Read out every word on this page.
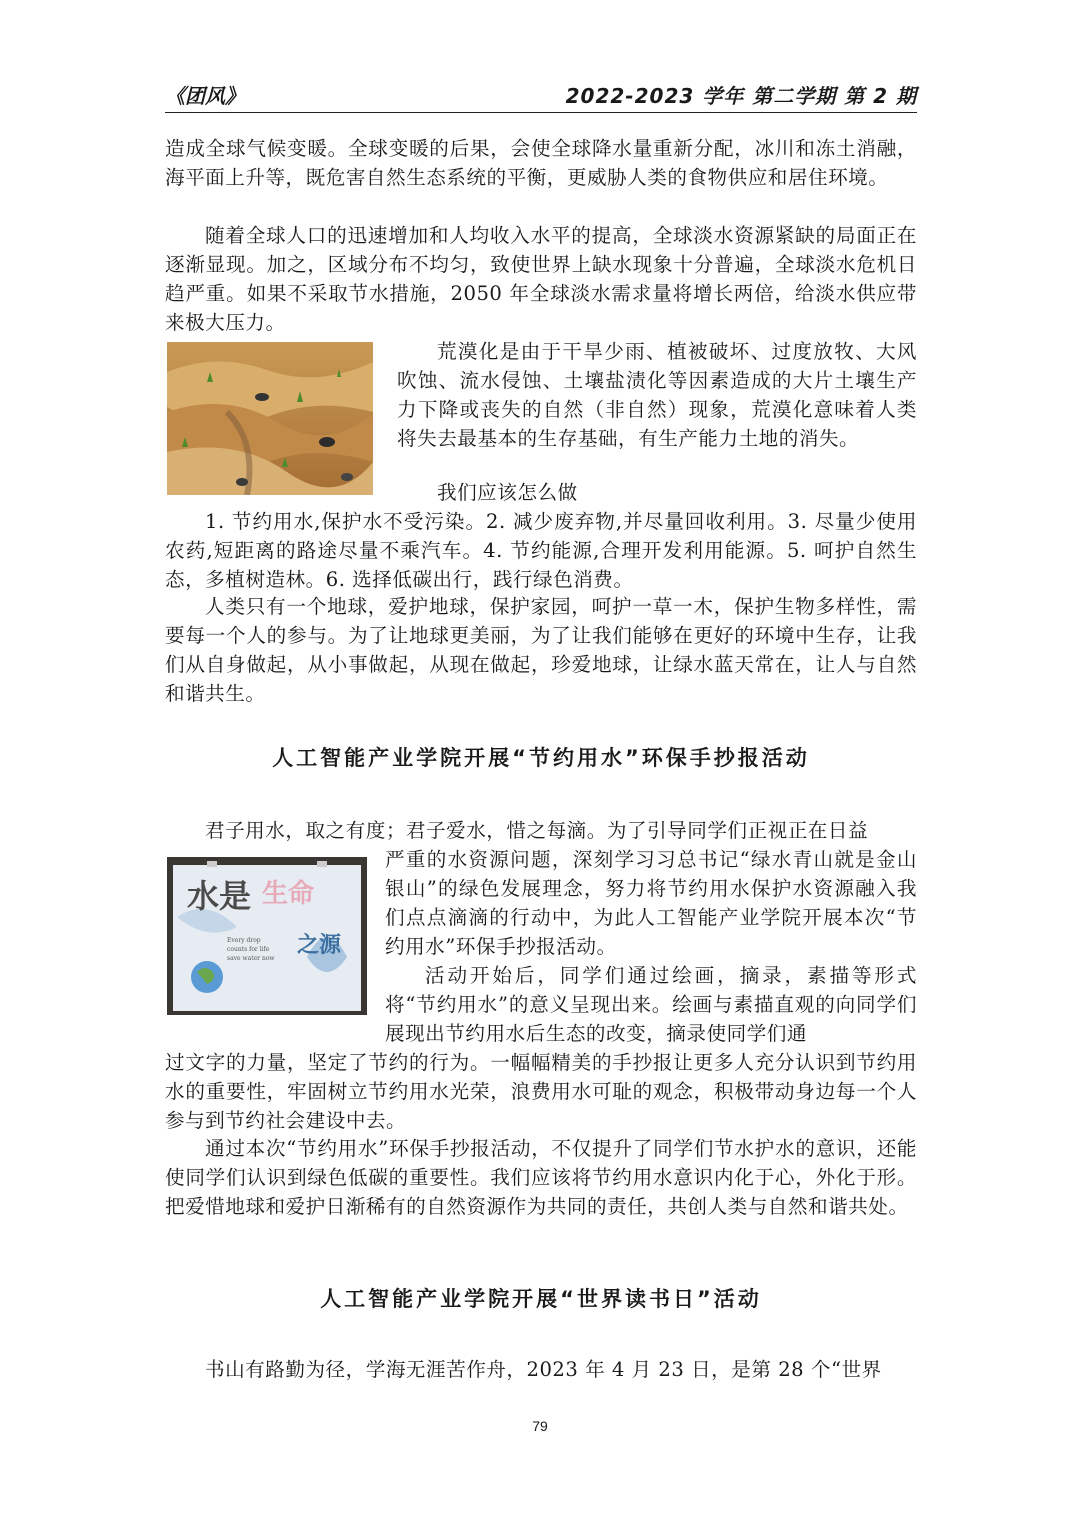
《团风》	2022-2023 学年 第二学期 第 2 期
造成全球气候变暖。全球变暖的后果，会使全球降水量重新分配，冰川和冻土消融，海平面上升等，既危害自然生态系统的平衡，更威胁人类的食物供应和居住环境。
随着全球人口的迅速增加和人均收入水平的提高，全球淡水资源紧缺的局面正在逐渐显现。加之，区域分布不均匀，致使世界上缺水现象十分普遍，全球淡水危机日趋严重。如果不采取节水措施，2050 年全球淡水需求量将增长两倍，给淡水供应带来极大压力。
荒漠化是由于干旱少雨、植被破坏、过度放牧、大风吹蚀、流水侵蚀、土壤盐渍化等因素造成的大片土壤生产力下降或丧失的自然（非自然）现象，荒漠化意味着人类将失去最基本的生存基础，有生产能力土地的消失。
我们应该怎么做
1. 节约用水,保护水不受污染。2. 减少废弃物,并尽量回收利用。3. 尽量少使用农药,短距离的路途尽量不乘汽车。4. 节约能源,合理开发利用能源。5. 呵护自然生态，多植树造林。6. 选择低碳出行，践行绿色消费。
人类只有一个地球，爱护地球，保护家园，呵护一草一木，保护生物多样性，需要每一个人的参与。为了让地球更美丽，为了让我们能够在更好的环境中生存，让我们从自身做起，从小事做起，从现在做起，珍爱地球，让绿水蓝天常在，让人与自然和谐共生。
人工智能产业学院开展“节约用水”环保手抄报活动
君子用水，取之有度；君子爱水，惜之每滴。为了引导同学们正视正在日益
Every drop
counts for life
save water now
水是 生命
之源
严重的水资源问题，深刻学习习总书记“绿水青山就是金山银山”的绿色发展理念，努力将节约用水保护水资源融入我们点点滴滴的行动中，为此人工智能产业学院开展本次“节约用水”环保手抄报活动。
活动开始后，同学们通过绘画，摘录，素描等形式将“节约用水”的意义呈现出来。绘画与素描直观的向同学们展现出节约用水后生态的改变，摘录使同学们通
过文字的力量，坚定了节约的行为。一幅幅精美的手抄报让更多人充分认识到节约用水的重要性，牢固树立节约用水光荣，浪费用水可耻的观念，积极带动身边每一个人参与到节约社会建设中去。
通过本次“节约用水”环保手抄报活动，不仅提升了同学们节水护水的意识，还能使同学们认识到绿色低碳的重要性。我们应该将节约用水意识内化于心，外化于形。把爱惜地球和爱护日渐稀有的自然资源作为共同的责任，共创人类与自然和谐共处。
人工智能产业学院开展“世界读书日”活动
书山有路勤为径，学海无涯苦作舟，2023 年 4 月 23 日，是第 28 个“世界
79
